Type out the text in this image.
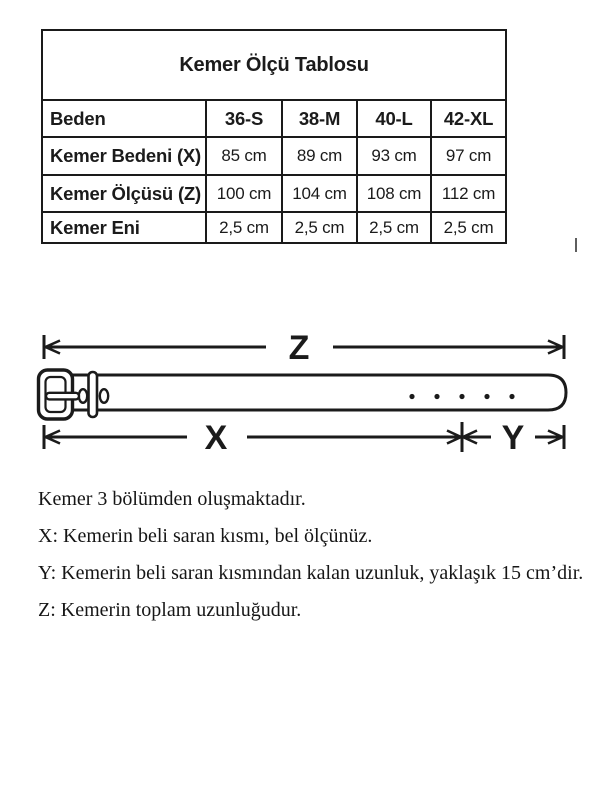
Kemer Ölçü Tablosu				
Beden	36-S	38-M	40-L	42-XL
Kemer Bedeni (X)	85 cm	89 cm	93 cm	97 cm
Kemer Ölçüsü (Z)	100 cm	104 cm	108 cm	112 cm
Kemer Eni	2,5 cm	2,5 cm	2,5 cm	2,5 cm
Z
X	Y

Kemer 3 bölümden oluşmaktadır.

X: Kemerin beli saran kısmı, bel ölçünüz.

Y: Kemerin beli saran kısmından kalan uzunluk, yaklaşık 15 cm’dir.

Z: Kemerin toplam uzunluğudur.
